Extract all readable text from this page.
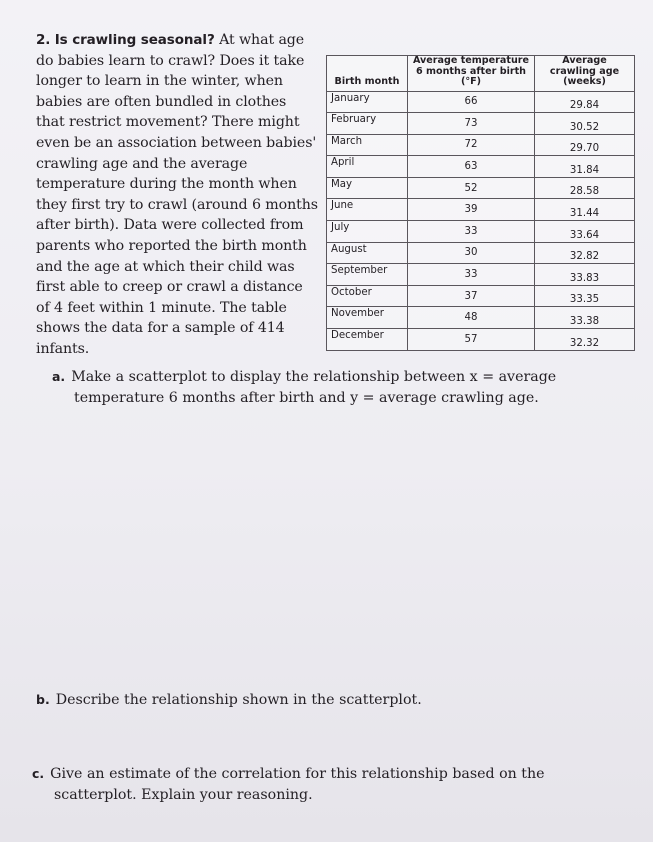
2. Is crawling seasonal? At what age do babies learn to crawl? Does it take longer to learn in the winter, when babies are often bundled in clothes that restrict movement? There might even be an association between babies' crawling age and the average temperature during the month when they first try to crawl (around 6 months after birth). Data were collected from parents who reported the birth month and the age at which their child was first able to creep or crawl a distance of 4 feet within 1 minute. The table shows the data for a sample of 414 infants.
Birth month	Average temperature 6 months after birth (°F)	Average crawling age (weeks)
January	66	29.84
February	73	30.52
March	72	29.70
April	63	31.84
May	52	28.58
June	39	31.44
July	33	33.64
August	30	32.82
September	33	33.83
October	37	33.35
November	48	33.38
December	57	32.32
a. Make a scatterplot to display the relationship between x = average
temperature 6 months after birth and y = average crawling age.
b. Describe the relationship shown in the scatterplot.
c. Give an estimate of the correlation for this relationship based on the
scatterplot. Explain your reasoning.
